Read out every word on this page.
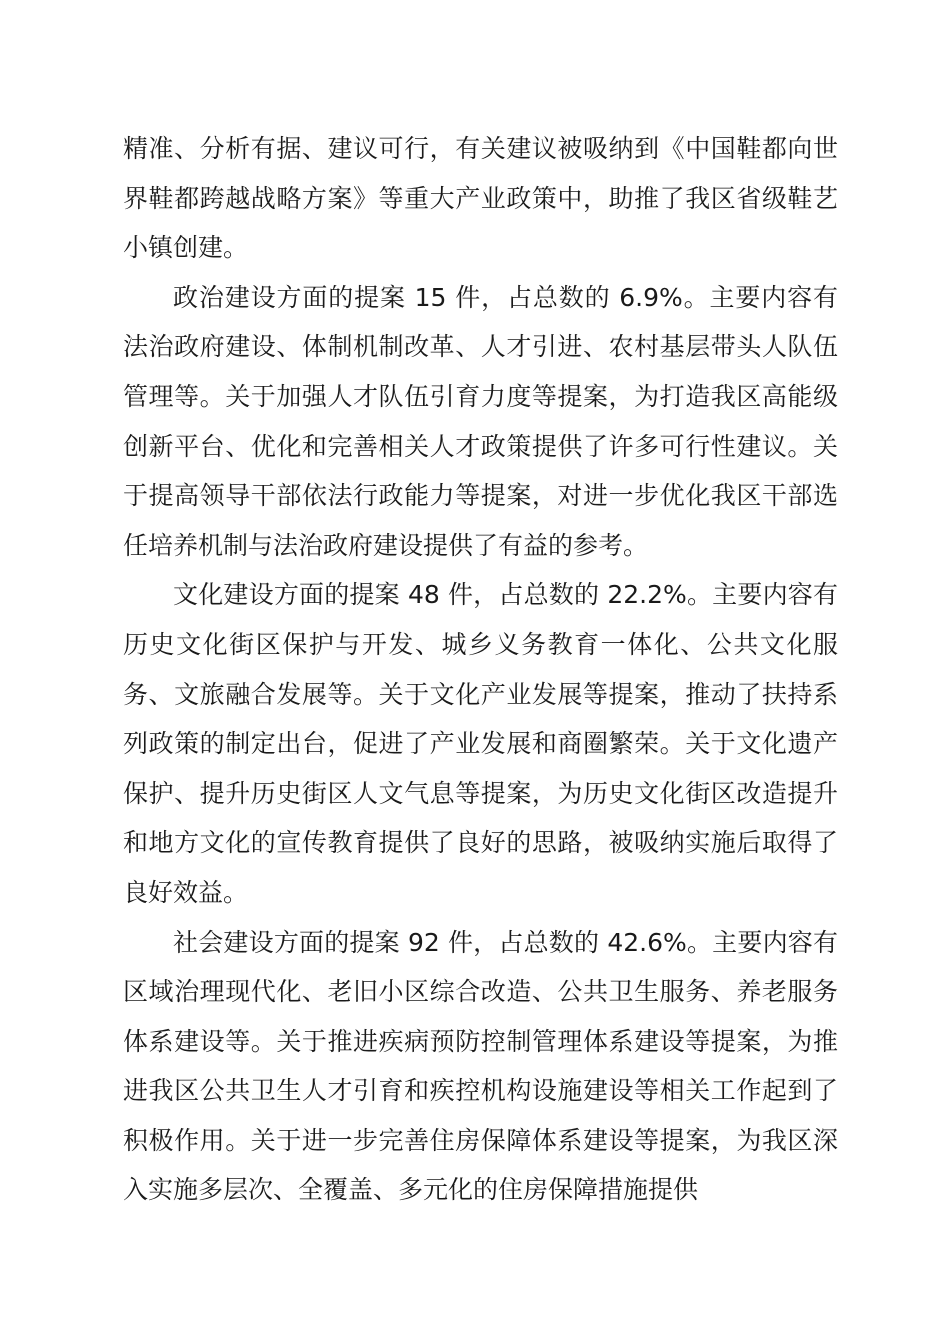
精准、分析有据、建议可行，有关建议被吸纳到《中国鞋都向世界鞋都跨越战略方案》等重大产业政策中，助推了我区省级鞋艺小镇创建。

政治建设方面的提案 15 件，占总数的 6.9%。主要内容有法治政府建设、体制机制改革、人才引进、农村基层带头人队伍管理等。关于加强人才队伍引育力度等提案，为打造我区高能级创新平台、优化和完善相关人才政策提供了许多可行性建议。关于提高领导干部依法行政能力等提案，对进一步优化我区干部选任培养机制与法治政府建设提供了有益的参考。

文化建设方面的提案 48 件，占总数的 22.2%。主要内容有历史文化街区保护与开发、城乡义务教育一体化、公共文化服务、文旅融合发展等。关于文化产业发展等提案，推动了扶持系列政策的制定出台，促进了产业发展和商圈繁荣。关于文化遗产保护、提升历史街区人文气息等提案，为历史文化街区改造提升和地方文化的宣传教育提供了良好的思路，被吸纳实施后取得了良好效益。

社会建设方面的提案 92 件，占总数的 42.6%。主要内容有区域治理现代化、老旧小区综合改造、公共卫生服务、养老服务体系建设等。关于推进疾病预防控制管理体系建设等提案，为推进我区公共卫生人才引育和疾控机构设施建设等相关工作起到了积极作用。关于进一步完善住房保障体系建设等提案，为我区深入实施多层次、全覆盖、多元化的住房保障措施提供
